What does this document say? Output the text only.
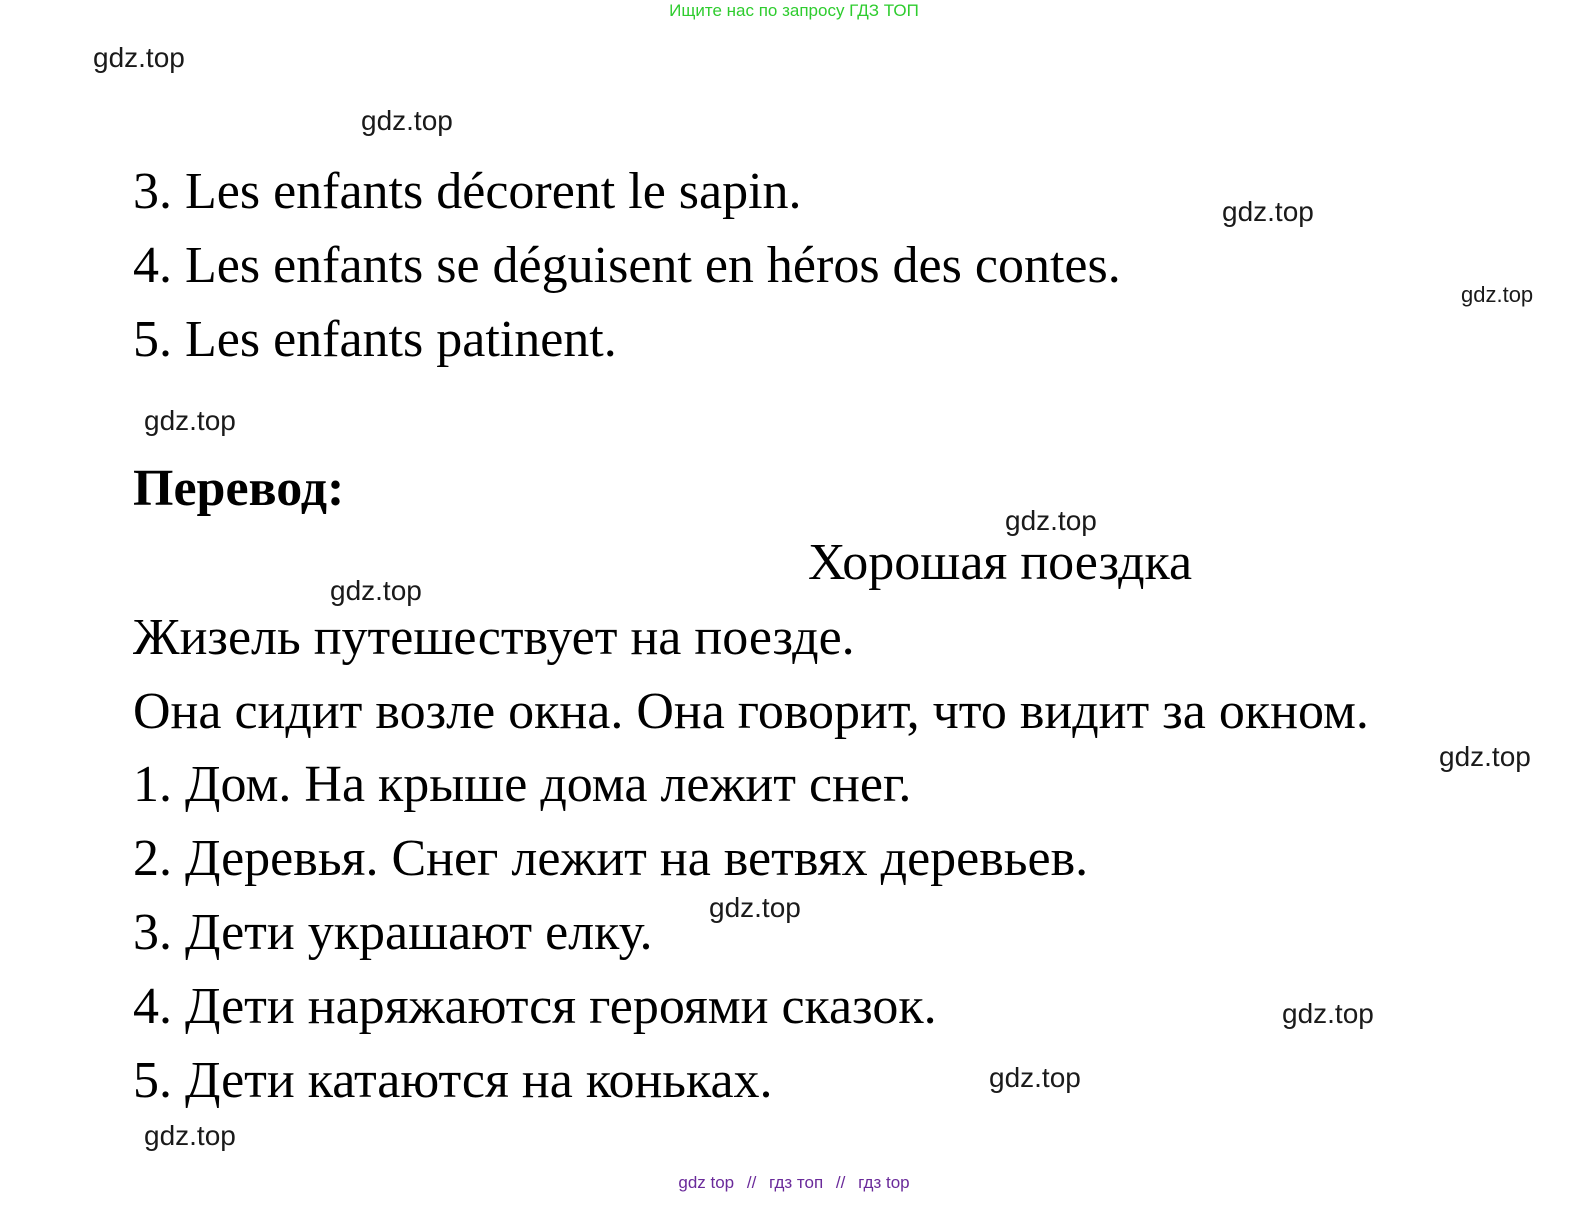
Ищите нас по запросу ГДЗ ТОП
gdz.top
gdz.top
gdz.top
gdz.top
gdz.top
gdz.top
gdz.top
gdz.top
gdz.top
gdz.top
gdz.top
gdz.top
3. Les enfants décorent le sapin.
4. Les enfants se déguisent en héros des contes.
5. Les enfants patinent.
Перевод:
Хорошая поездка
Жизель путешествует на поезде.
Она сидит возле окна. Она говорит, что видит за окном.
1. Дом. На крыше дома лежит снег.
2. Деревья. Снег лежит на ветвях деревьев.
3. Дети украшают елку.
4. Дети наряжаются героями сказок.
5. Дети катаются на коньках.
gdz top // гдз топ // гдз top
